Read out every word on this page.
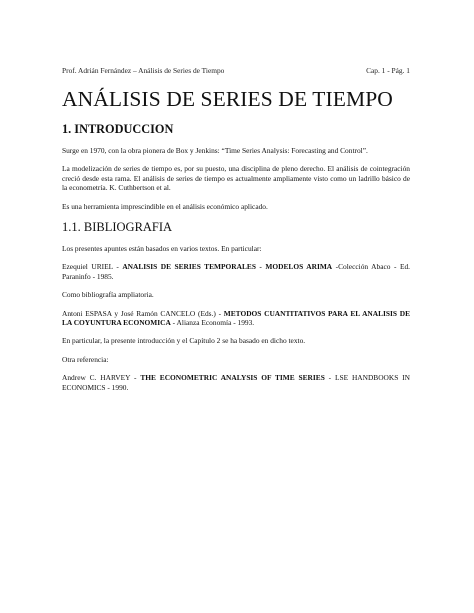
Prof. Adrián Fernández – Análisis de Series de Tiempo	Cap. 1 - Pág. 1
ANÁLISIS DE SERIES DE TIEMPO
1. INTRODUCCION

Surge en 1970, con la obra pionera de Box y Jenkins: “Time Series Analysis: Forecasting and Control”.

La modelización de series de tiempo es, por su puesto, una disciplina de pleno derecho. El análisis de cointegración creció desde esta rama. El análisis de series de tiempo es actualmente ampliamente visto como un ladrillo básico de la econometría. K. Cuthbertson et al.

Es una herramienta imprescindible en el análisis económico aplicado.

1.1. BIBLIOGRAFIA

Los presentes apuntes están basados en varios textos. En particular:

Ezequiel URIEL - ANALISIS DE SERIES TEMPORALES - MODELOS ARIMA -Colección Abaco - Ed. Paraninfo - 1985.

Como bibliografía ampliatoria.

Antoni ESPASA y José Ramón CANCELO (Eds.) - METODOS CUANTITATIVOS PARA EL ANALISIS DE LA COYUNTURA ECONOMICA - Alianza Economía - 1993.

En particular, la presente introducción y el Capítulo 2 se ha basado en dicho texto.

Otra referencia:

Andrew C. HARVEY - THE ECONOMETRIC ANALYSIS OF TIME SERIES - LSE HANDBOOKS IN ECONOMICS - 1990.
